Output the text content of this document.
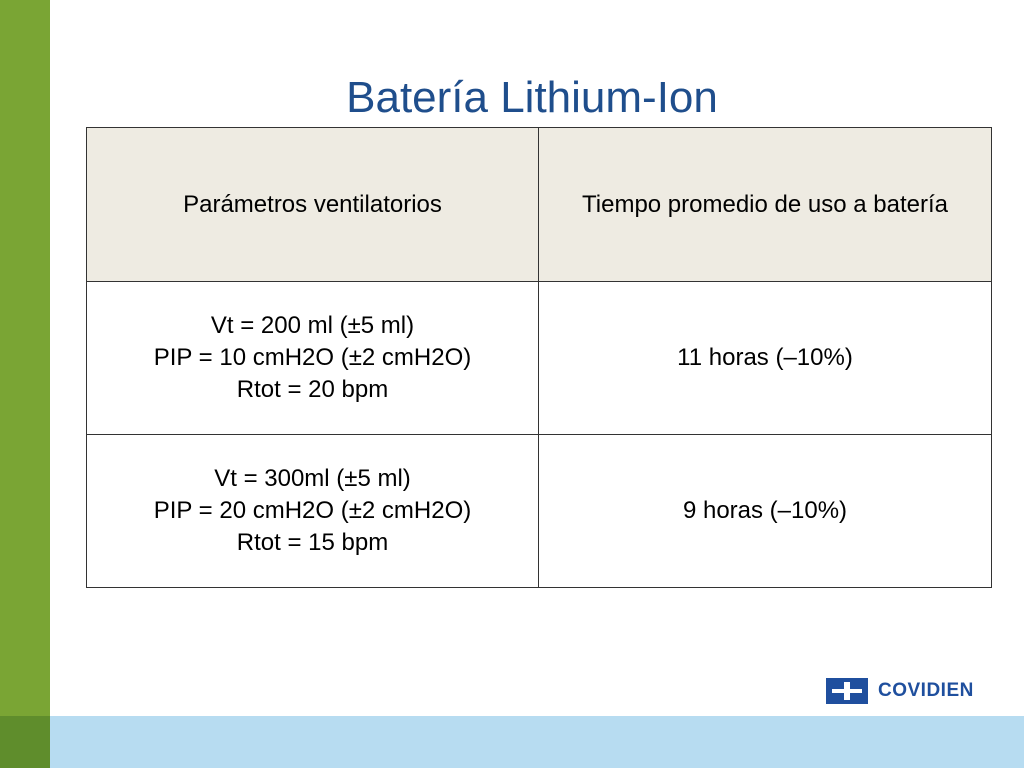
Batería Lithium-Ion
Parámetros ventilatorios	Tiempo promedio de uso a batería

Vt = 200 ml (±5 ml)
PIP = 10 cmH2O (±2 cmH2O)
Rtot = 20 bpm	11 horas (–10%)

Vt = 300ml (±5 ml)
PIP = 20 cmH2O (±2 cmH2O)
Rtot = 15 bpm	9 horas (–10%)
COVIDIEN
